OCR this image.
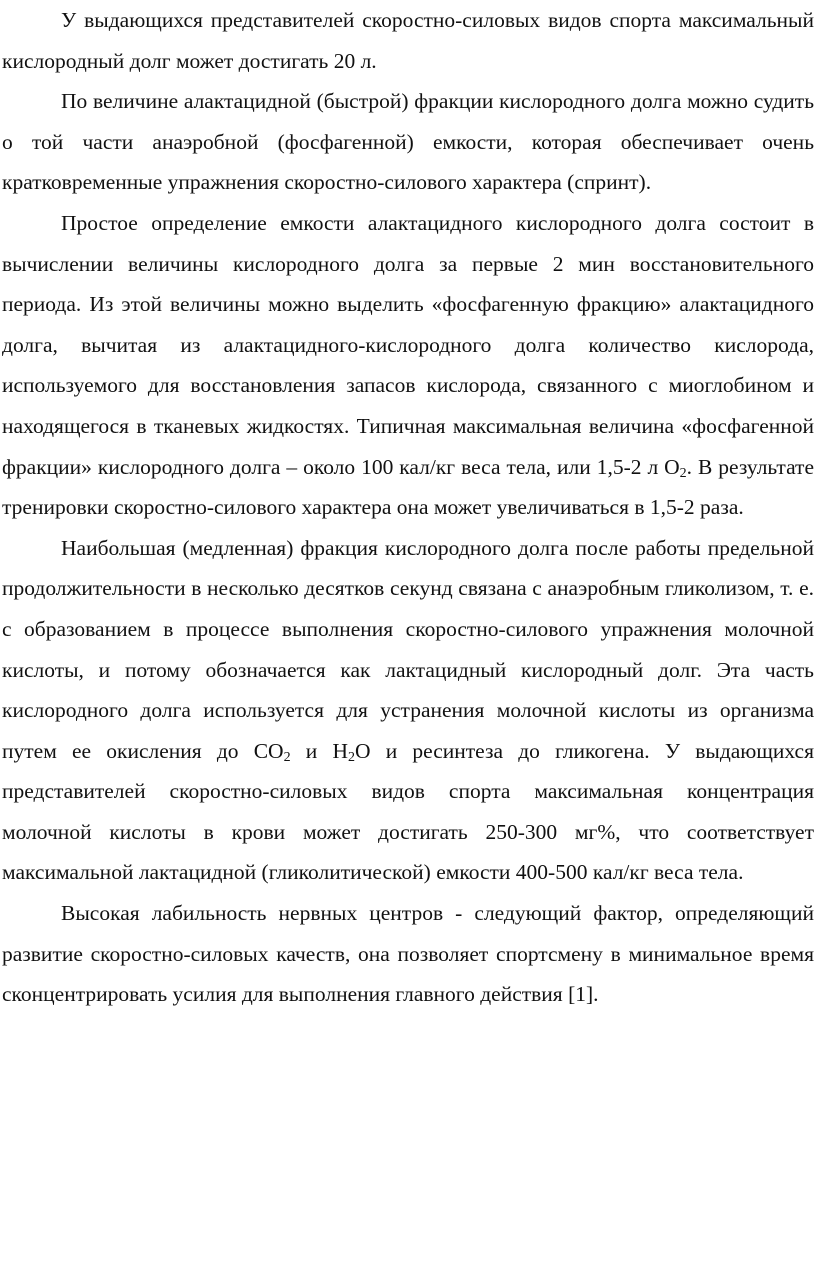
У выдающихся представителей скоростно-силовых видов спорта максимальный кислородный долг может достигать 20 л.

По величине алактацидной (быстрой) фракции кислородного долга можно судить о той части анаэробной (фосфагенной) емкости, которая обеспечивает очень кратковременные упражнения скоростно-силового характера (спринт).

Простое определение емкости алактацидного кислородного долга состоит в вычислении величины кислородного долга за первые 2 мин восстановительного периода. Из этой величины можно выделить «фосфагенную фракцию» алактацидного долга, вычитая из алактацидного-кислородного долга количество кислорода, используемого для восстановления запасов кислорода, связанного с миоглобином и находящегося в тканевых жидкостях. Типичная максимальная величина «фосфагенной фракции» кислородного долга – около 100 кал/кг веса тела, или 1,5-2 л $O_2$. В результате тренировки скоростно-силового характера она может увеличиваться в 1,5-2 раза.

Наибольшая (медленная) фракция кислородного долга после работы предельной продолжительности в несколько десятков секунд связана с анаэробным гликолизом, т. е. с образованием в процессе выполнения скоростно-силового упражнения молочной кислоты, и потому обозначается как лактацидный кислородный долг. Эта часть кислородного долга используется для устранения молочной кислоты из организма путем ее окисления до $CO_2$ и $H_2O$ и ресинтеза до гликогена. У выдающихся представителей скоростно-силовых видов спорта максимальная концентрация молочной кислоты в крови может достигать 250-300 мг%, что соответствует максимальной лактацидной (гликолитической) емкости 400-500 кал/кг веса тела.

Высокая лабильность нервных центров - следующий фактор, определяющий развитие скоростно-силовых качеств, она позволяет спортсмену в минимальное время сконцентрировать усилия для выполнения главного действия [1].
